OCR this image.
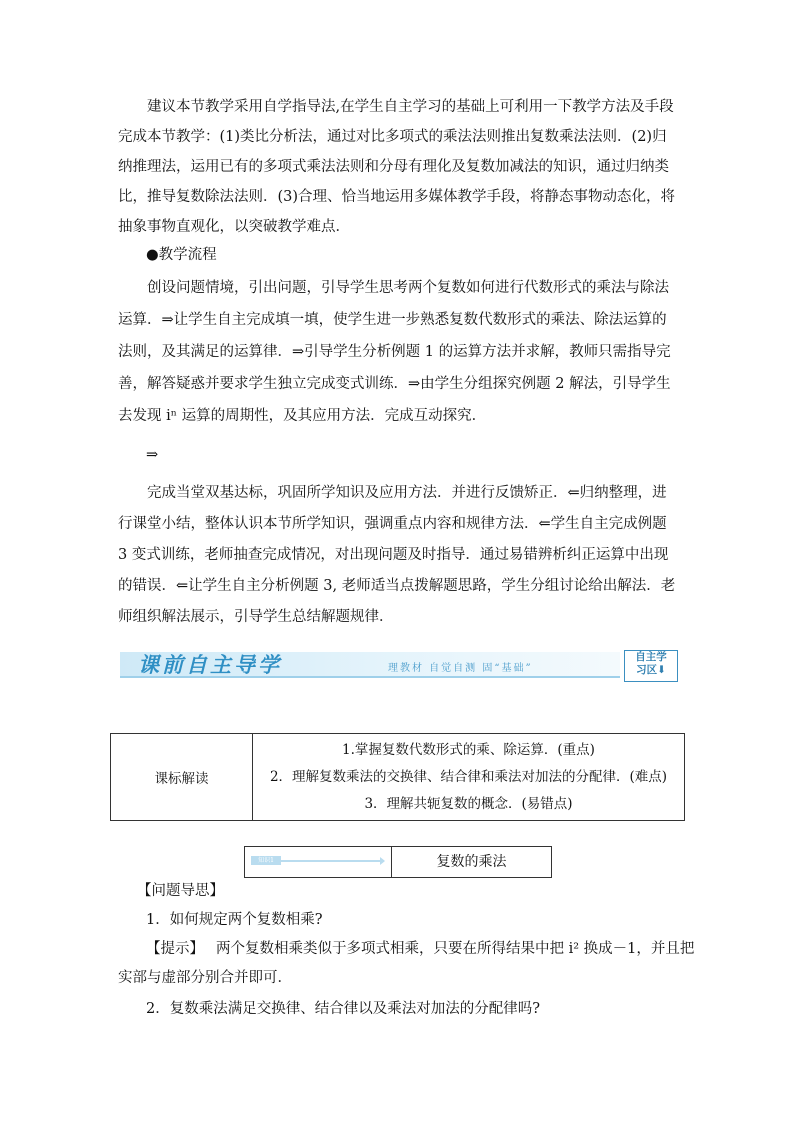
建议本节教学采用自学指导法,在学生自主学习的基础上可利用一下教学方法及手段完成本节教学：(1)类比分析法，通过对比多项式的乘法法则推出复数乘法法则．(2)归纳推理法，运用已有的多项式乘法法则和分母有理化及复数加减法的知识，通过归纳类比，推导复数除法法则．(3)合理、恰当地运用多媒体教学手段，将静态事物动态化，将抽象事物直观化，以突破教学难点．

●教学流程

创设问题情境，引出问题，引导学生思考两个复数如何进行代数形式的乘法与除法运算．⇒让学生自主完成填一填，使学生进一步熟悉复数代数形式的乘法、除法运算的法则，及其满足的运算律．⇒引导学生分析例题 1 的运算方法并求解，教师只需指导完善，解答疑惑并要求学生独立完成变式训练．⇒由学生分组探究例题 2 解法，引导学生去发现 iⁿ 运算的周期性，及其应用方法．完成互动探究．

⇒

完成当堂双基达标，巩固所学知识及应用方法．并进行反馈矫正．⇐归纳整理，进行课堂小结，整体认识本节所学知识，强调重点内容和规律方法．⇐学生自主完成例题 3 变式训练，老师抽查完成情况，对出现问题及时指导．通过易错辨析纠正运算中出现的错误．⇐让学生自主分析例题 3, 老师适当点拨解题思路，学生分组讨论给出解法．老师组织解法展示，引导学生总结解题规律．

课前自主导学	理教材 自觉自测 固“基础”
自主学
习区⬇
课标解读	
1.掌握复数代数形式的乘、除运算．(重点)
2．理解复数乘法的交换律、结合律和乘法对加法的分配律．(难点)
3．理解共轭复数的概念．(易错点)
知识1	复数的乘法
【问题导思】
1．如何规定两个复数相乘?
【提示】 两个复数相乘类似于多项式相乘，只要在所得结果中把 i² 换成－1，并且把
实部与虚部分别合并即可．
2．复数乘法满足交换律、结合律以及乘法对加法的分配律吗?
